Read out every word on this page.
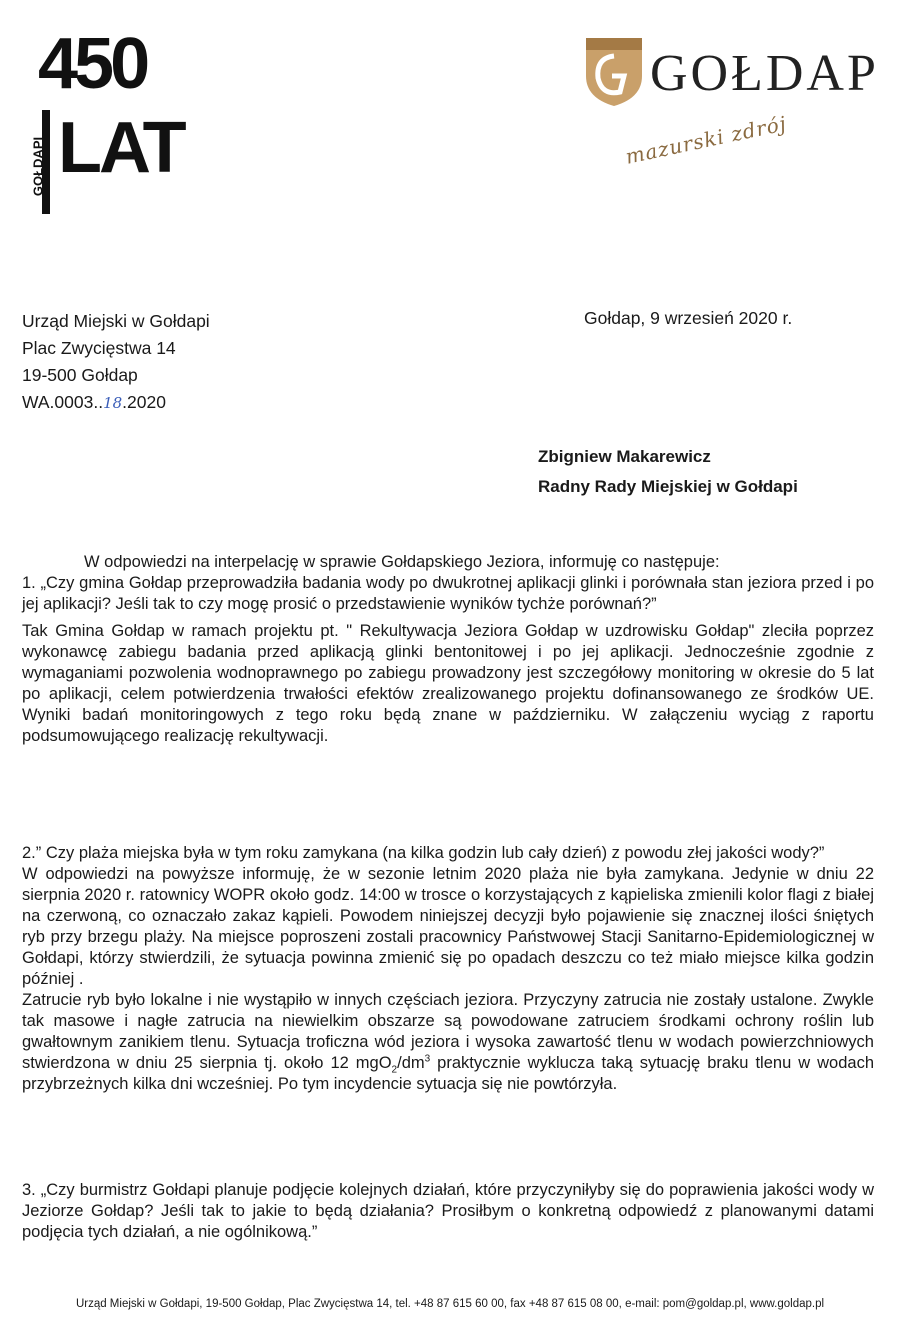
450
LAT
GOŁDAPI
GOŁDAP
mazurski zdrój
Urząd Miejski w Gołdapi
Plac Zwycięstwa 14
19-500 Gołdap
WA.0003..18.2020
Gołdap, 9 wrzesień 2020 r.
Zbigniew Makarewicz
Radny Rady Miejskiej w Gołdapi

W odpowiedzi na interpelację w sprawie Gołdapskiego Jeziora, informuję co następuje:

1. „Czy gmina Gołdap przeprowadziła badania wody po dwukrotnej aplikacji glinki i porównała stan jeziora przed i po jej aplikacji? Jeśli tak to czy mogę prosić o przedstawienie wyników tychże porównań?”

Tak Gmina Gołdap w ramach projektu pt. " Rekultywacja Jeziora Gołdap w uzdrowisku Gołdap" zleciła poprzez wykonawcę zabiegu badania przed aplikacją glinki bentonitowej i po jej aplikacji. Jednocześnie zgodnie z wymaganiami pozwolenia wodnoprawnego po zabiegu prowadzony jest szczegółowy monitoring w okresie do 5 lat po aplikacji, celem potwierdzenia trwałości efektów zrealizowanego projektu dofinansowanego ze środków UE. Wyniki badań monitoringowych z tego roku będą znane w październiku. W załączeniu wyciąg z raportu podsumowującego realizację rekultywacji.

2.” Czy plaża miejska była w tym roku zamykana (na kilka godzin lub cały dzień) z powodu złej jakości wody?”

W odpowiedzi na powyższe informuję, że w sezonie letnim 2020 plaża nie była zamykana. Jedynie w dniu 22 sierpnia 2020 r. ratownicy WOPR około godz. 14:00 w trosce o korzystających z kąpieliska zmienili kolor flagi z białej na czerwoną, co oznaczało zakaz kąpieli. Powodem niniejszej decyzji było pojawienie się znacznej ilości śniętych ryb przy brzegu plaży. Na miejsce poproszeni zostali pracownicy Państwowej Stacji Sanitarno-Epidemiologicznej w Gołdapi, którzy stwierdzili, że sytuacja powinna zmienić się po opadach deszczu co też miało miejsce kilka godzin później .

Zatrucie ryb było lokalne i nie wystąpiło w innych częściach jeziora. Przyczyny zatrucia nie zostały ustalone. Zwykle tak masowe i nagłe zatrucia na niewielkim obszarze są powodowane zatruciem środkami ochrony roślin lub gwałtownym zanikiem tlenu. Sytuacja troficzna wód jeziora i wysoka zawartość tlenu w wodach powierzchniowych stwierdzona w dniu 25 sierpnia tj. około 12 $mgO_2/dm^3$ praktycznie wyklucza taką sytuację braku tlenu w wodach przybrzeżnych kilka dni wcześniej. Po tym incydencie sytuacja się nie powtórzyła.

3. „Czy burmistrz Gołdapi planuje podjęcie kolejnych działań, które przyczyniłyby się do poprawienia jakości wody w Jeziorze Gołdap? Jeśli tak to jakie to będą działania? Prosiłbym o konkretną odpowiedź z planowanymi datami podjęcia tych działań, a nie ogólnikową.”

Urząd Miejski w Gołdapi, 19-500 Gołdap, Plac Zwycięstwa 14, tel. +48 87 615 60 00, fax +48 87 615 08 00, e-mail: pom@goldap.pl, www.goldap.pl
